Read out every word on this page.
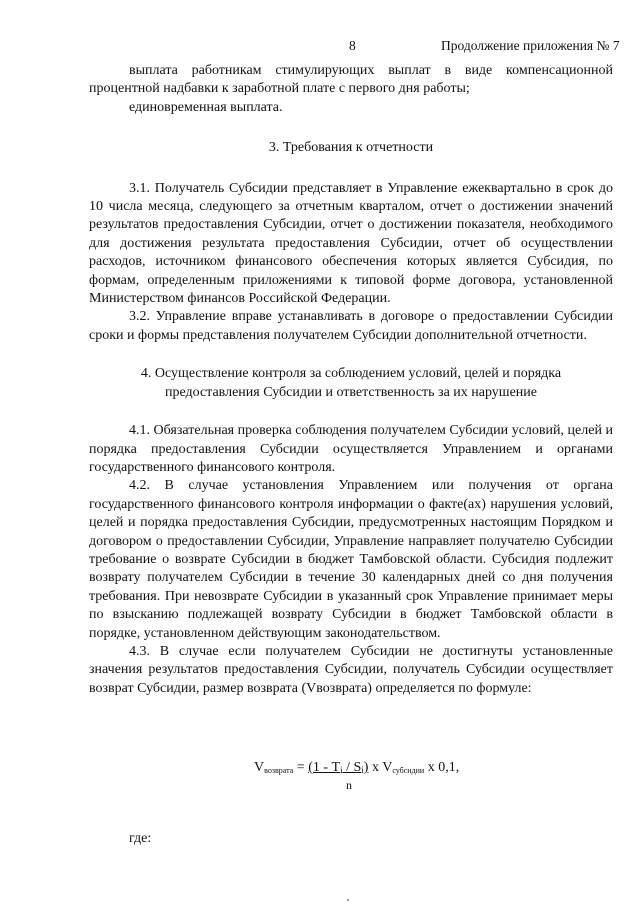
8	Продолжение приложения № 7

выплата работникам стимулирующих выплат в виде компенсационной процентной надбавки к заработной плате с первого дня работы;

единовременная выплата.

3. Требования к отчетности

3.1. Получатель Субсидии представляет в Управление ежеквартально в срок до 10 числа месяца, следующего за отчетным кварталом, отчет о достижении значений результатов предоставления Субсидии, отчет о достижении показателя, необходимого для достижения результата предоставления Субсидии, отчет об осуществлении расходов, источником финансового обеспечения которых является Субсидия, по формам, определенным приложениями к типовой форме договора, установленной Министерством финансов Российской Федерации.

3.2. Управление вправе устанавливать в договоре о предоставлении Субсидии сроки и формы представления получателем Субсидии дополнительной отчетности.

4. Осуществление контроля за соблюдением условий, целей и порядка

предоставления Субсидии и ответственность за их нарушение

4.1. Обязательная проверка соблюдения получателем Субсидии условий, целей и порядка предоставления Субсидии осуществляется Управлением и органами государственного финансового контроля.

4.2. В случае установления Управлением или получения от органа государственного финансового контроля информации о факте(ах) нарушения условий, целей и порядка предоставления Субсидии, предусмотренных настоящим Порядком и договором о предоставлении Субсидии, Управление направляет получателю Субсидии требование о возврате Субсидии в бюджет Тамбовской области. Субсидия подлежит возврату получателем Субсидии в течение 30 календарных дней со дня получения требования. При невозврате Субсидии в указанный срок Управление принимает меры по взысканию подлежащей возврату Субсидии в бюджет Тамбовской области в порядке, установленном действующим законодательством.

4.3. В случае если получателем Субсидии не достигнуты установленные значения результатов предоставления Субсидии, получатель Субсидии осуществляет возврат Субсидии, размер возврата (Vвозврата) определяется по формуле:

$V_{возврата} = (1 - Ti / Si)$ x $V_{субсидии}$ x 0,1,
n
где:
